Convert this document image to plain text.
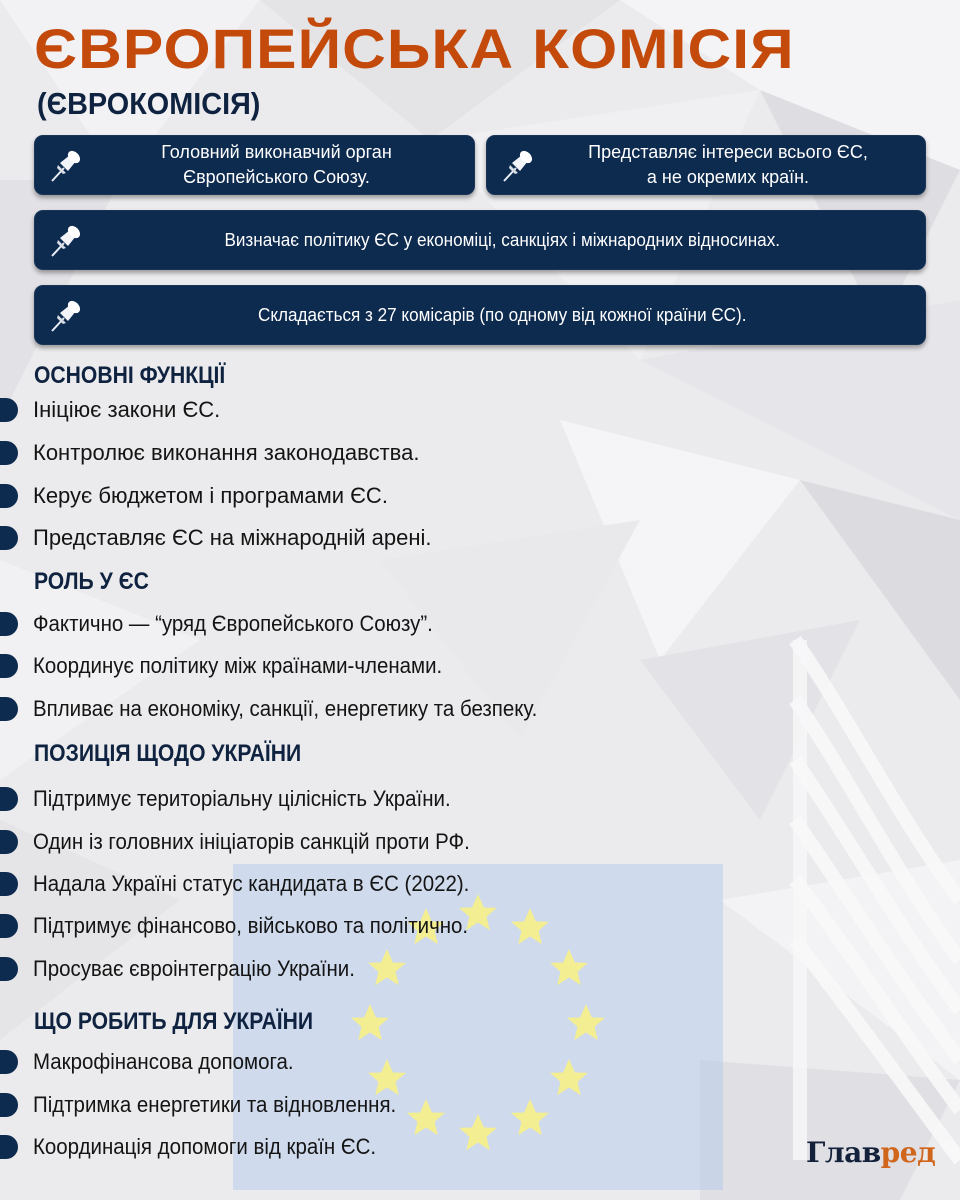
ЄВРОПЕЙСЬКА КОМІСІЯ
(ЄВРОКОМІСІЯ)
Головний виконавчий орган
Європейського Союзу.
Представляє інтереси всього ЄС,
а не окремих країн.
Визначає політику ЄС у економіці, санкціях і міжнародних відносинах.
Складається з 27 комісарів (по одному від кожної країни ЄС).
ОСНОВНІ ФУНКЦІЇ
Ініціює закони ЄС.
Контролює виконання законодавства.
Керує бюджетом і програмами ЄС.
Представляє ЄС на міжнародній арені.
РОЛЬ У ЄС
Фактично — “уряд Європейського Союзу”.
Координує політику між країнами-членами.
Впливає на економіку, санкції, енергетику та безпеку.
ПОЗИЦІЯ ЩОДО УКРАЇНИ
Підтримує територіальну цілісність України.
Один із головних ініціаторів санкцій проти РФ.
Надала Україні статус кандидата в ЄС (2022).
Підтримує фінансово, військово та політично.
Просуває євроінтеграцію України.
ЩО РОБИТЬ ДЛЯ УКРАЇНИ
Макрофінансова допомога.
Підтримка енергетики та відновлення.
Координація допомоги від країн ЄС.	Главред
